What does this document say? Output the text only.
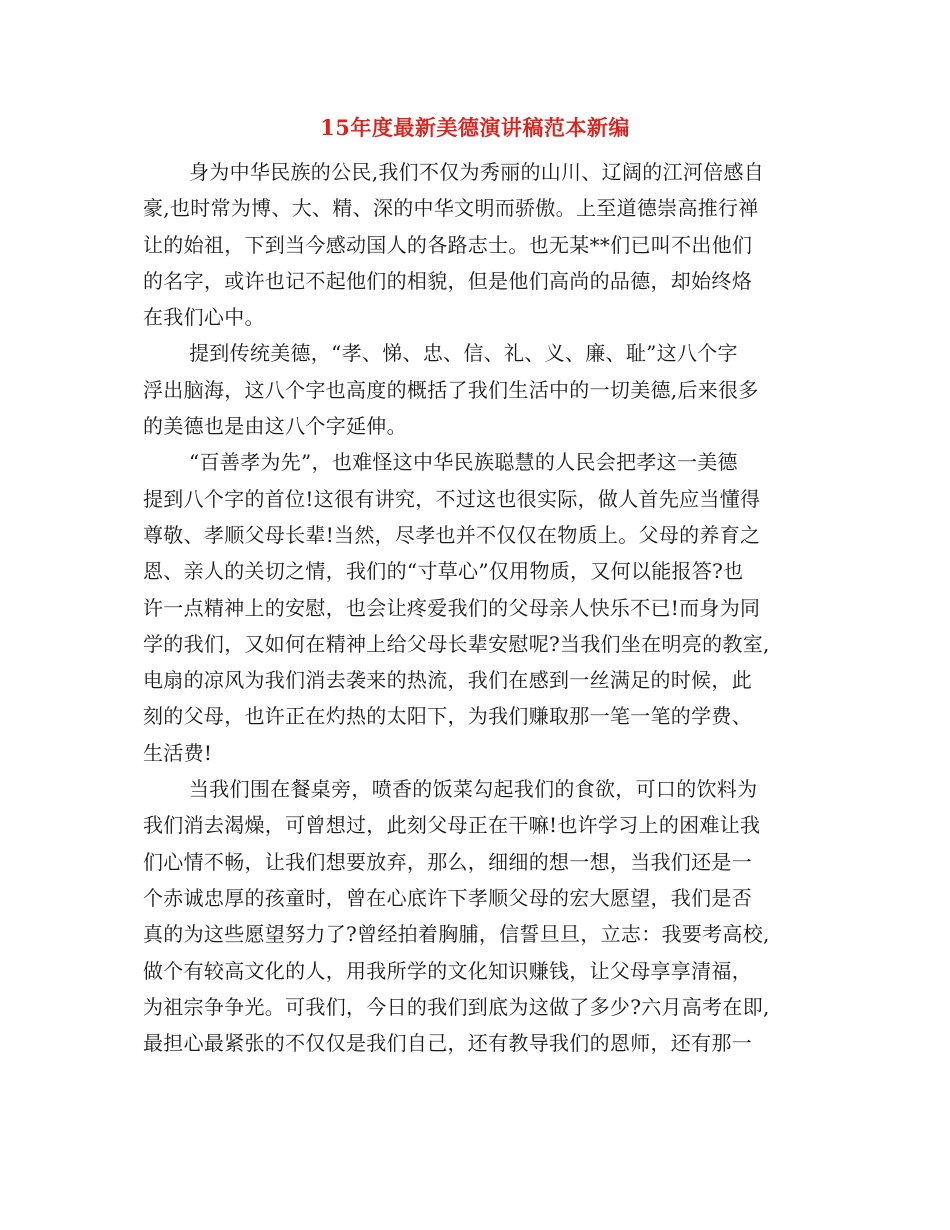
15年度最新美德演讲稿范本新编
身为中华民族的公民,我们不仅为秀丽的山川、辽阔的江河倍感自
豪,也时常为博、大、精、深的中华文明而骄傲。上至道德崇高推行禅
让的始祖，下到当今感动国人的各路志士。也无某**们已叫不出他们
的名字，或许也记不起他们的相貌，但是他们高尚的品德，却始终烙
在我们心中。
提到传统美德，“孝、悌、忠、信、礼、义、廉、耻”这八个字
浮出脑海，这八个字也高度的概括了我们生活中的一切美德,后来很多
的美德也是由这八个字延伸。
“百善孝为先”，也难怪这中华民族聪慧的人民会把孝这一美德
提到八个字的首位!这很有讲究，不过这也很实际，做人首先应当懂得
尊敬、孝顺父母长辈!当然，尽孝也并不仅仅在物质上。父母的养育之
恩、亲人的关切之情，我们的“寸草心”仅用物质，又何以能报答?也
许一点精神上的安慰，也会让疼爱我们的父母亲人快乐不已!而身为同
学的我们，又如何在精神上给父母长辈安慰呢?当我们坐在明亮的教室,
电扇的凉风为我们消去袭来的热流，我们在感到一丝满足的时候，此
刻的父母，也许正在灼热的太阳下，为我们赚取那一笔一笔的学费、
生活费!
当我们围在餐桌旁，喷香的饭菜勾起我们的食欲，可口的饮料为
我们消去渴燥，可曾想过，此刻父母正在干嘛!也许学习上的困难让我
们心情不畅，让我们想要放弃，那么，细细的想一想，当我们还是一
个赤诚忠厚的孩童时，曾在心底许下孝顺父母的宏大愿望，我们是否
真的为这些愿望努力了?曾经拍着胸脯，信誓旦旦，立志：我要考高校,
做个有较高文化的人，用我所学的文化知识赚钱，让父母享享清福，
为祖宗争争光。可我们，今日的我们到底为这做了多少?六月高考在即,
最担心最紧张的不仅仅是我们自己，还有教导我们的恩师，还有那一
